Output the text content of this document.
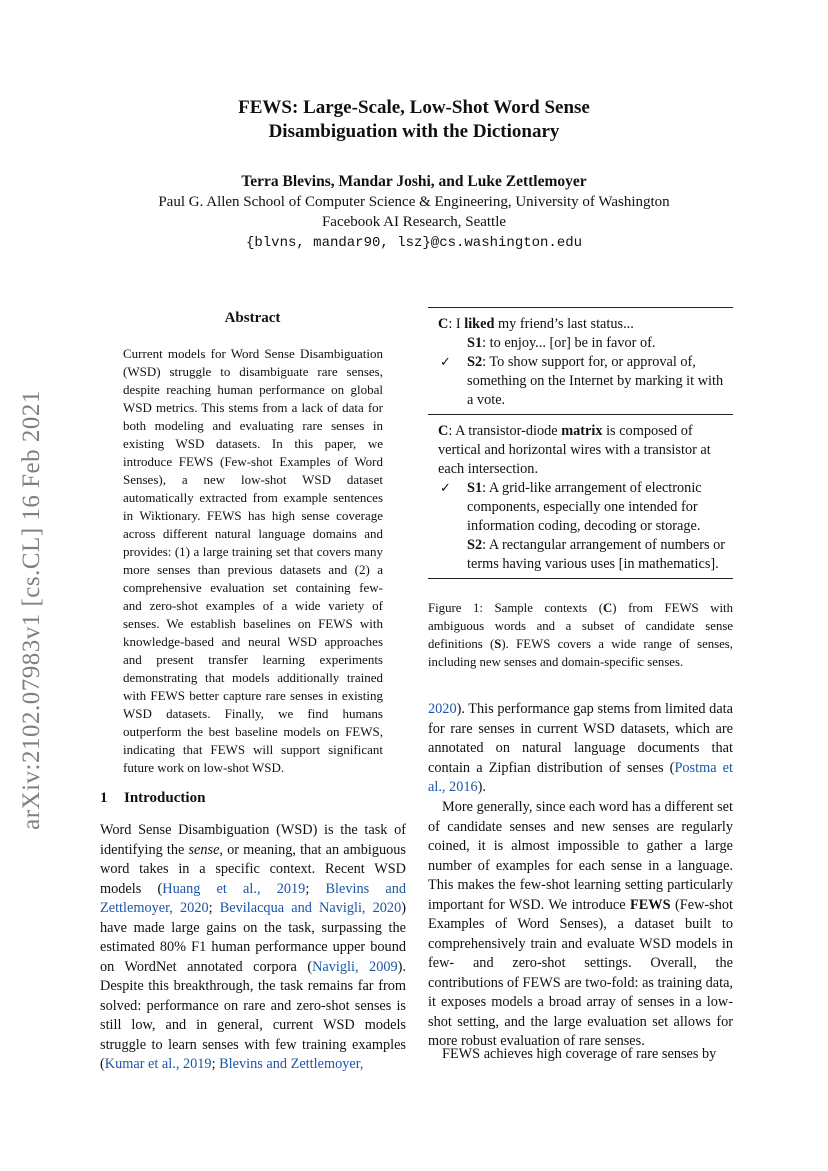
FEWS: Large-Scale, Low-Shot Word Sense
Disambiguation with the Dictionary
Terra Blevins, Mandar Joshi, and Luke Zettlemoyer
Paul G. Allen School of Computer Science & Engineering, University of Washington
Facebook AI Research, Seattle
{blvns, mandar90, lsz}@cs.washington.edu
arXiv:2102.07983v1 [cs.CL] 16 Feb 2021
Abstract
Current models for Word Sense Disambiguation (WSD) struggle to disambiguate rare senses, despite reaching human performance on global WSD metrics. This stems from a lack of data for both modeling and evaluating rare senses in existing WSD datasets. In this paper, we introduce FEWS (Few-shot Examples of Word Senses), a new low-shot WSD dataset automatically extracted from example sentences in Wiktionary. FEWS has high sense coverage across different natural language domains and provides: (1) a large training set that covers many more senses than previous datasets and (2) a comprehensive evaluation set containing few- and zero-shot examples of a wide variety of senses. We establish baselines on FEWS with knowledge-based and neural WSD approaches and present transfer learning experiments demonstrating that models additionally trained with FEWS better capture rare senses in existing WSD datasets. Finally, we find humans outperform the best baseline models on FEWS, indicating that FEWS will support significant future work on low-shot WSD.
1 Introduction
Word Sense Disambiguation (WSD) is the task of identifying the sense, or meaning, that an ambiguous word takes in a specific context. Recent WSD models (Huang et al., 2019; Blevins and Zettlemoyer, 2020; Bevilacqua and Navigli, 2020) have made large gains on the task, surpassing the estimated 80% F1 human performance upper bound on WordNet annotated corpora (Navigli, 2009). Despite this breakthrough, the task remains far from solved: performance on rare and zero-shot senses is still low, and in general, current WSD models struggle to learn senses with few training examples (Kumar et al., 2019; Blevins and Zettlemoyer,
C: I liked my friend’s last status...
S1: to enjoy... [or] be in favor of.
✓ S2: To show support for, or approval of, something on the Internet by marking it with a vote.
C: A transistor-diode matrix is composed of vertical and horizontal wires with a transistor at each intersection.
✓ S1: A grid-like arrangement of electronic components, especially one intended for information coding, decoding or storage.
S2: A rectangular arrangement of numbers or terms having various uses [in mathematics].
Figure 1: Sample contexts (C) from FEWS with ambiguous words and a subset of candidate sense definitions (S). FEWS covers a wide range of senses, including new senses and domain-specific senses.
2020). This performance gap stems from limited data for rare senses in current WSD datasets, which are annotated on natural language documents that contain a Zipfian distribution of senses (Postma et al., 2016).
More generally, since each word has a different set of candidate senses and new senses are regularly coined, it is almost impossible to gather a large number of examples for each sense in a language. This makes the few-shot learning setting particularly important for WSD. We introduce FEWS (Few-shot Examples of Word Senses), a dataset built to comprehensively train and evaluate WSD models in few- and zero-shot settings. Overall, the contributions of FEWS are two-fold: as training data, it exposes models a broad array of senses in a low-shot setting, and the large evaluation set allows for more robust evaluation of rare senses.
FEWS achieves high coverage of rare senses by
